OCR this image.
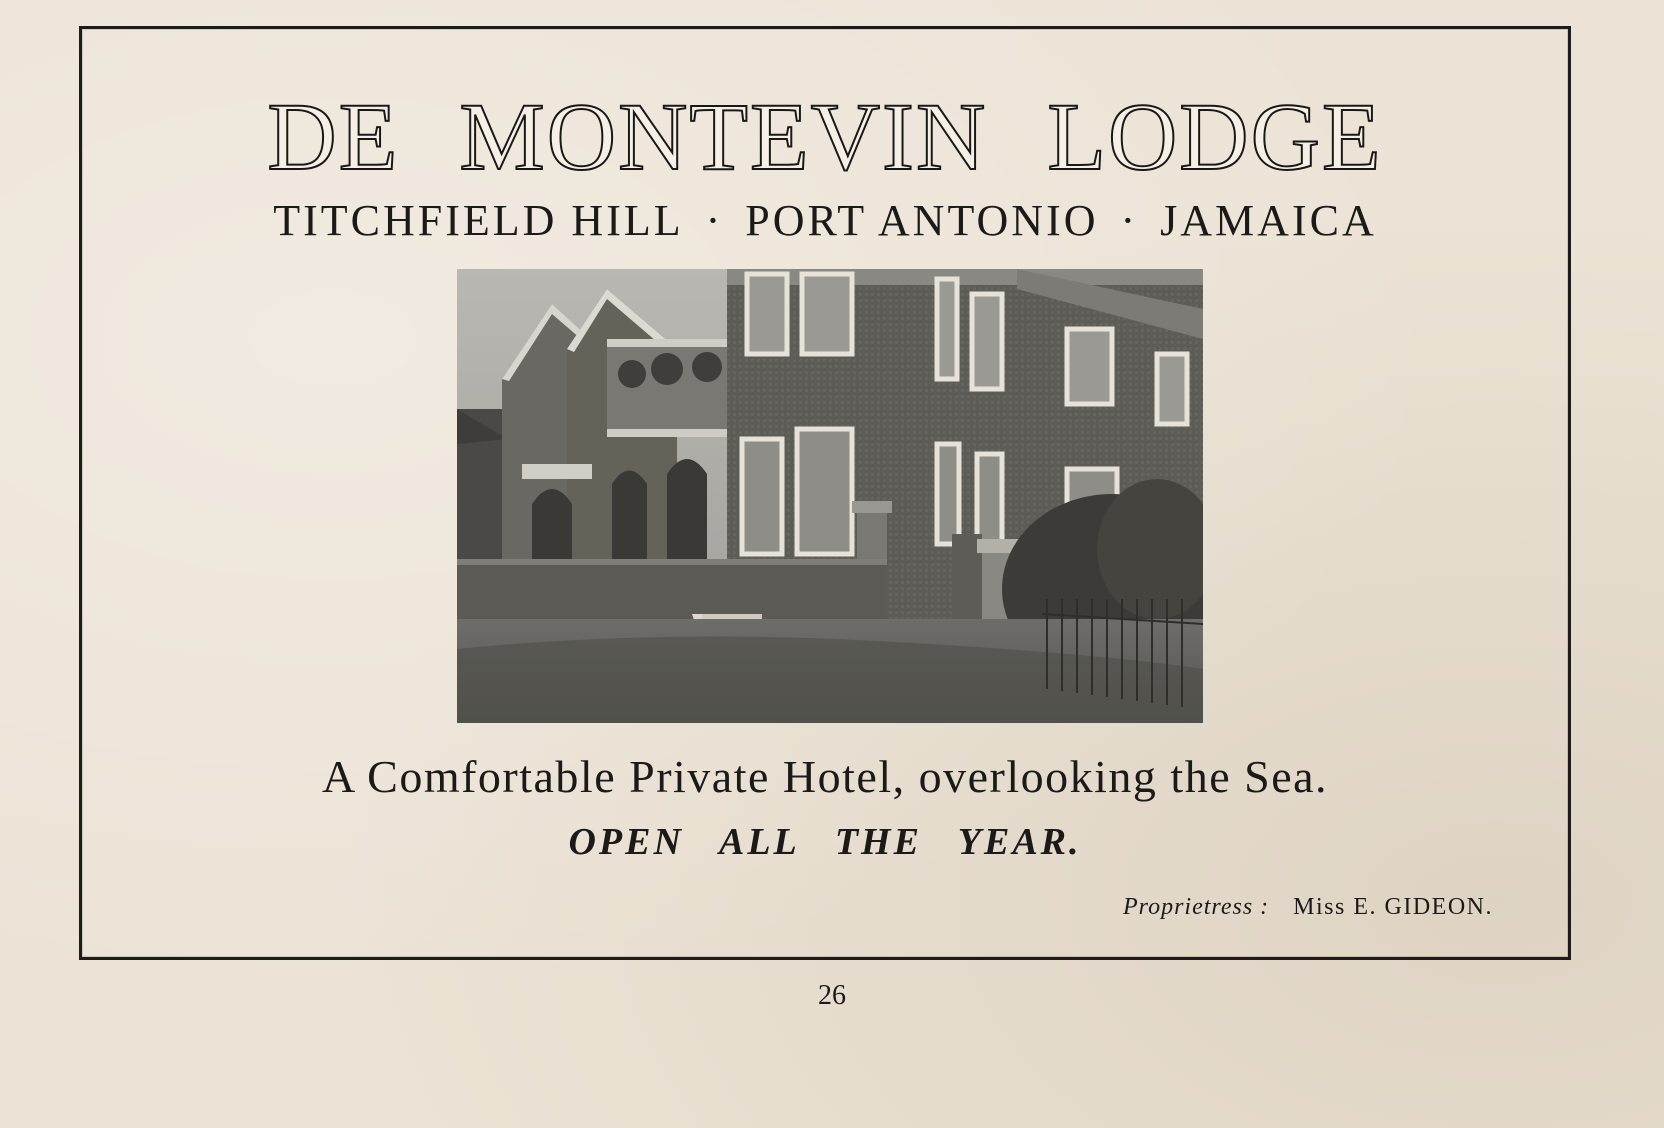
DE MONTEVIN LODGE
TITCHFIELD HILL · PORT ANTONIO · JAMAICA
A Comfortable Private Hotel, overlooking the Sea.
OPEN ALL THE YEAR.
Proprietress : Miss E. GIDEON.
26
